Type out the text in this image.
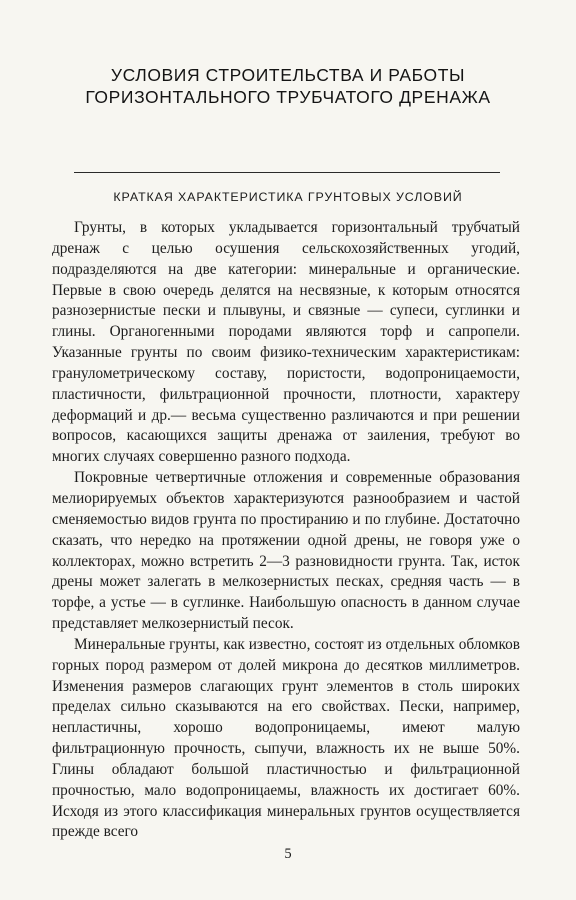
УСЛОВИЯ СТРОИТЕЛЬСТВА И РАБОТЫ
ГОРИЗОНТАЛЬНОГО ТРУБЧАТОГО ДРЕНАЖА
КРАТКАЯ ХАРАКТЕРИСТИКА ГРУНТОВЫХ УСЛОВИЙ

Грунты, в которых укладывается горизонтальный трубчатый дренаж с целью осушения сельскохозяйственных угодий, подразделяются на две категории: минеральные и органические. Первые в свою очередь делятся на несвязные, к которым относятся разнозернистые пески и плывуны, и связные — супеси, суглинки и глины. Органогенными породами являются торф и сапропели. Указанные грунты по своим физико-техническим характеристикам: гранулометрическому составу, пористости, водопроницаемости, пластичности, фильтрационной прочности, плотности, характеру деформаций и др.— весьма существенно различаются и при решении вопросов, касающихся защиты дренажа от заиления, требуют во многих случаях совершенно разного подхода.

Покровные четвертичные отложения и современные образования мелиорируемых объектов характеризуются разнообразием и частой сменяемостью видов грунта по простиранию и по глубине. Достаточно сказать, что нередко на протяжении одной дрены, не говоря уже о коллекторах, можно встретить 2—3 разновидности грунта. Так, исток дрены может залегать в мелкозернистых песках, средняя часть — в торфе, а устье — в суглинке. Наибольшую опасность в данном случае представляет мелкозернистый песок.

Минеральные грунты, как известно, состоят из отдельных обломков горных пород размером от долей микрона до десятков миллиметров. Изменения размеров слагающих грунт элементов в столь широких пределах сильно сказываются на его свойствах. Пески, например, непластичны, хорошо водопроницаемы, имеют малую фильтрационную прочность, сыпучи, влажность их не выше 50%. Глины обладают большой пластичностью и фильтрационной прочностью, мало водопроницаемы, влажность их достигает 60%. Исходя из этого классификация минеральных грунтов осуществляется прежде всего

5
